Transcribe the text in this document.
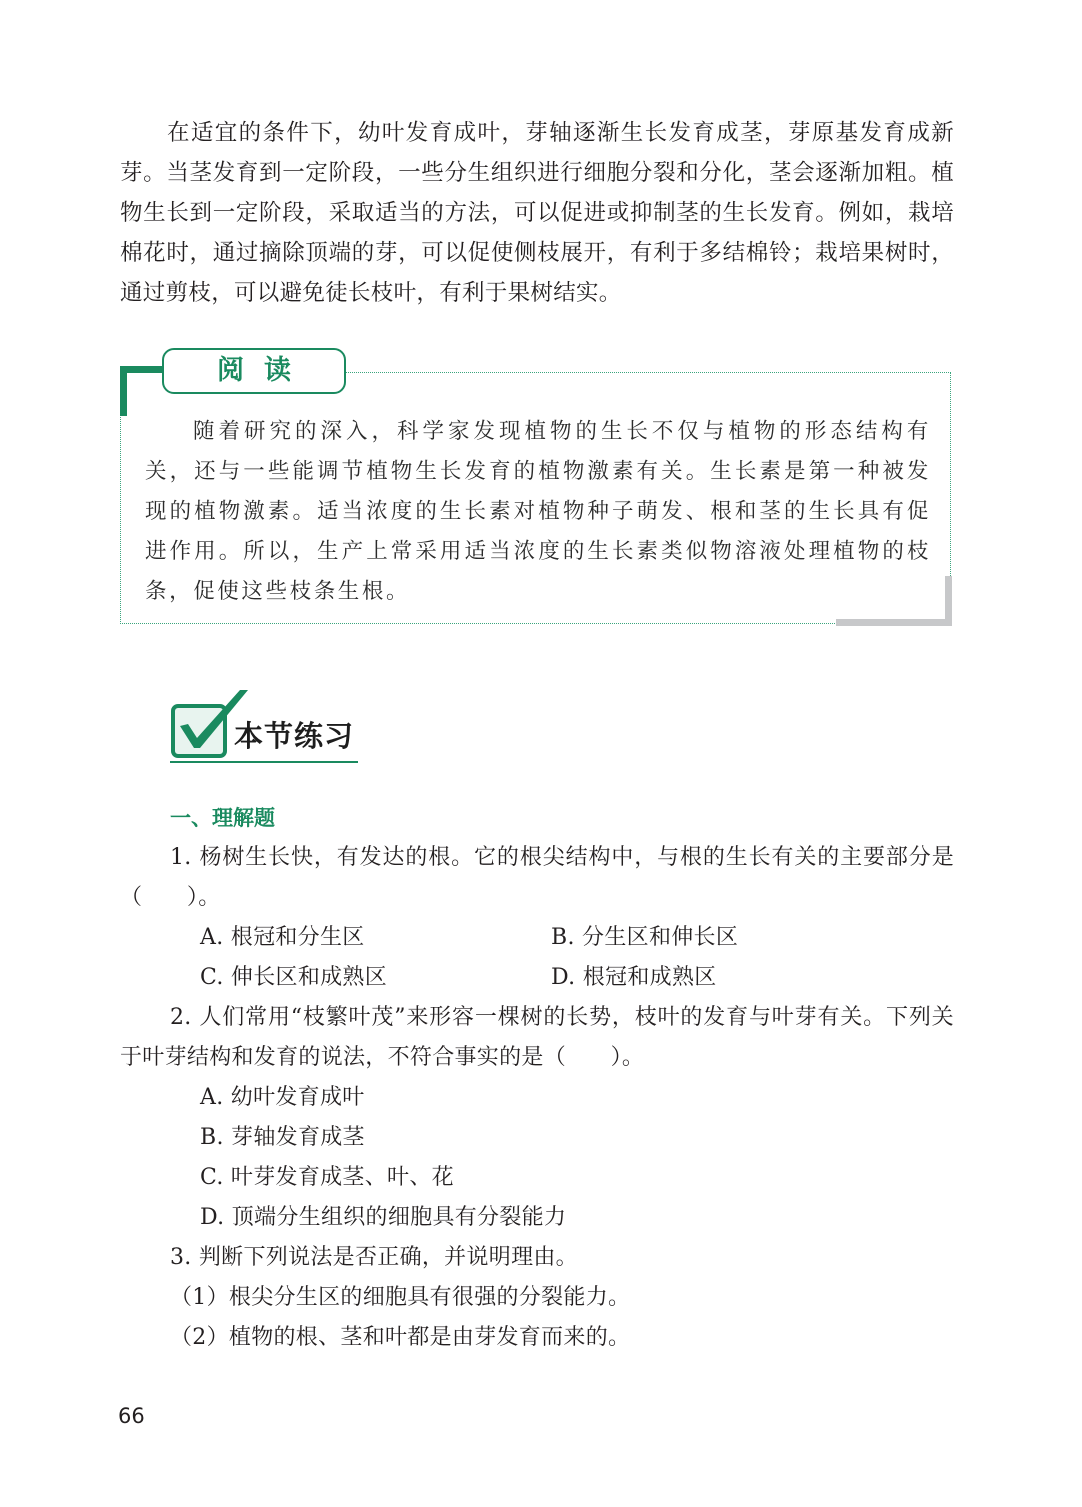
在适宜的条件下，幼叶发育成叶，芽轴逐渐生长发育成茎，芽原基发育成新芽。当茎发育到一定阶段，一些分生组织进行细胞分裂和分化，茎会逐渐加粗。植物生长到一定阶段，采取适当的方法，可以促进或抑制茎的生长发育。例如，栽培棉花时，通过摘除顶端的芽，可以促使侧枝展开，有利于多结棉铃；栽培果树时，通过剪枝，可以避免徒长枝叶，有利于果树结实。

阅读

随着研究的深入，科学家发现植物的生长不仅与植物的形态结构有关，还与一些能调节植物生长发育的植物激素有关。生长素是第一种被发现的植物激素。适当浓度的生长素对植物种子萌发、根和茎的生长具有促进作用。所以，生产上常采用适当浓度的生长素类似物溶液处理植物的枝条，促使这些枝条生根。

本节练习
一、理解题

1. 杨树生长快，有发达的根。它的根尖结构中，与根的生长有关的主要部分是（　　）。

A. 根冠和分生区	B. 分生区和伸长区
C. 伸长区和成熟区	D. 根冠和成熟区

2. 人们常用“枝繁叶茂”来形容一棵树的长势，枝叶的发育与叶芽有关。下列关于叶芽结构和发育的说法，不符合事实的是（　　）。

A. 幼叶发育成叶
B. 芽轴发育成茎
C. 叶芽发育成茎、叶、花
D. 顶端分生组织的细胞具有分裂能力
3. 判断下列说法是否正确，并说明理由。
（1）根尖分生区的细胞具有很强的分裂能力。
（2）植物的根、茎和叶都是由芽发育而来的。
66
